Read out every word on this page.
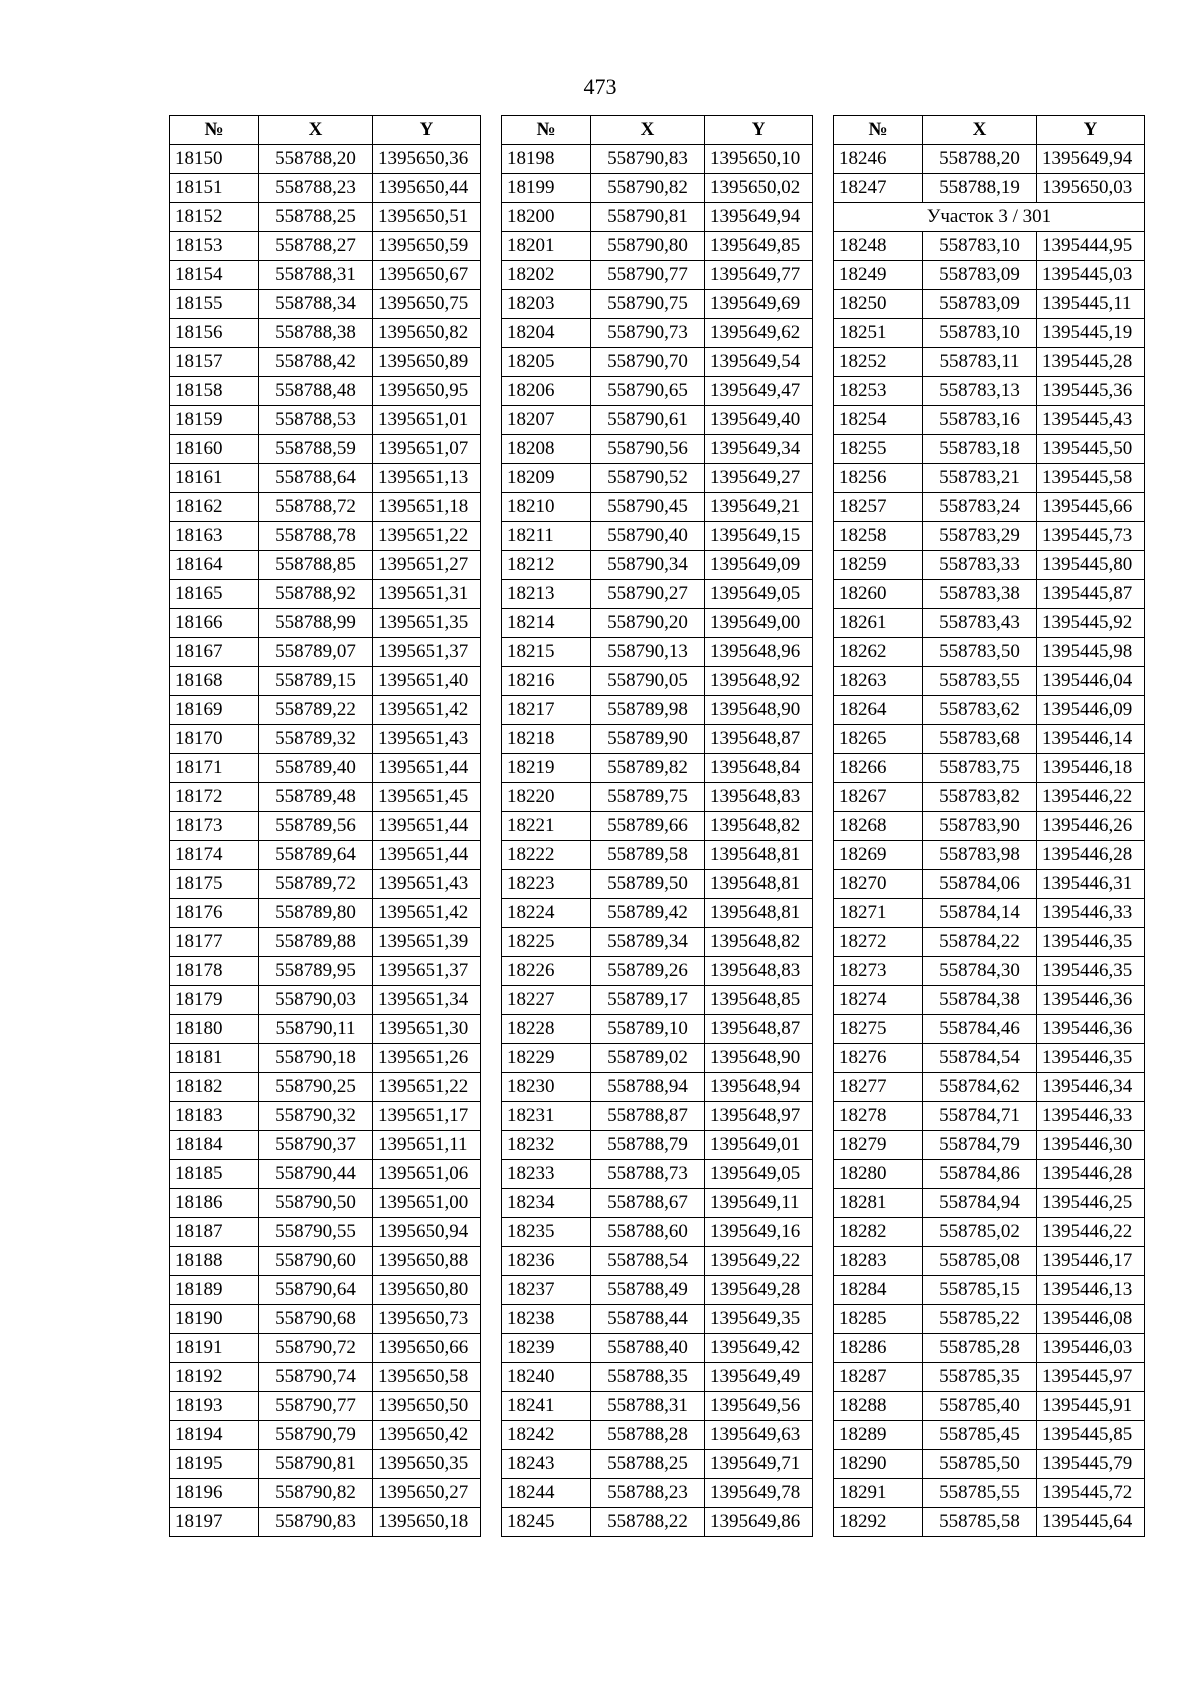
473
№	X	Y
18150	558788,20	1395650,36
18151	558788,23	1395650,44
18152	558788,25	1395650,51
18153	558788,27	1395650,59
18154	558788,31	1395650,67
18155	558788,34	1395650,75
18156	558788,38	1395650,82
18157	558788,42	1395650,89
18158	558788,48	1395650,95
18159	558788,53	1395651,01
18160	558788,59	1395651,07
18161	558788,64	1395651,13
18162	558788,72	1395651,18
18163	558788,78	1395651,22
18164	558788,85	1395651,27
18165	558788,92	1395651,31
18166	558788,99	1395651,35
18167	558789,07	1395651,37
18168	558789,15	1395651,40
18169	558789,22	1395651,42
18170	558789,32	1395651,43
18171	558789,40	1395651,44
18172	558789,48	1395651,45
18173	558789,56	1395651,44
18174	558789,64	1395651,44
18175	558789,72	1395651,43
18176	558789,80	1395651,42
18177	558789,88	1395651,39
18178	558789,95	1395651,37
18179	558790,03	1395651,34
18180	558790,11	1395651,30
18181	558790,18	1395651,26
18182	558790,25	1395651,22
18183	558790,32	1395651,17
18184	558790,37	1395651,11
18185	558790,44	1395651,06
18186	558790,50	1395651,00
18187	558790,55	1395650,94
18188	558790,60	1395650,88
18189	558790,64	1395650,80
18190	558790,68	1395650,73
18191	558790,72	1395650,66
18192	558790,74	1395650,58
18193	558790,77	1395650,50
18194	558790,79	1395650,42
18195	558790,81	1395650,35
18196	558790,82	1395650,27
18197	558790,83	1395650,18
№	X	Y
18198	558790,83	1395650,10
18199	558790,82	1395650,02
18200	558790,81	1395649,94
18201	558790,80	1395649,85
18202	558790,77	1395649,77
18203	558790,75	1395649,69
18204	558790,73	1395649,62
18205	558790,70	1395649,54
18206	558790,65	1395649,47
18207	558790,61	1395649,40
18208	558790,56	1395649,34
18209	558790,52	1395649,27
18210	558790,45	1395649,21
18211	558790,40	1395649,15
18212	558790,34	1395649,09
18213	558790,27	1395649,05
18214	558790,20	1395649,00
18215	558790,13	1395648,96
18216	558790,05	1395648,92
18217	558789,98	1395648,90
18218	558789,90	1395648,87
18219	558789,82	1395648,84
18220	558789,75	1395648,83
18221	558789,66	1395648,82
18222	558789,58	1395648,81
18223	558789,50	1395648,81
18224	558789,42	1395648,81
18225	558789,34	1395648,82
18226	558789,26	1395648,83
18227	558789,17	1395648,85
18228	558789,10	1395648,87
18229	558789,02	1395648,90
18230	558788,94	1395648,94
18231	558788,87	1395648,97
18232	558788,79	1395649,01
18233	558788,73	1395649,05
18234	558788,67	1395649,11
18235	558788,60	1395649,16
18236	558788,54	1395649,22
18237	558788,49	1395649,28
18238	558788,44	1395649,35
18239	558788,40	1395649,42
18240	558788,35	1395649,49
18241	558788,31	1395649,56
18242	558788,28	1395649,63
18243	558788,25	1395649,71
18244	558788,23	1395649,78
18245	558788,22	1395649,86
№	X	Y
18246	558788,20	1395649,94
18247	558788,19	1395650,03
Участок 3 / 301		
18248	558783,10	1395444,95
18249	558783,09	1395445,03
18250	558783,09	1395445,11
18251	558783,10	1395445,19
18252	558783,11	1395445,28
18253	558783,13	1395445,36
18254	558783,16	1395445,43
18255	558783,18	1395445,50
18256	558783,21	1395445,58
18257	558783,24	1395445,66
18258	558783,29	1395445,73
18259	558783,33	1395445,80
18260	558783,38	1395445,87
18261	558783,43	1395445,92
18262	558783,50	1395445,98
18263	558783,55	1395446,04
18264	558783,62	1395446,09
18265	558783,68	1395446,14
18266	558783,75	1395446,18
18267	558783,82	1395446,22
18268	558783,90	1395446,26
18269	558783,98	1395446,28
18270	558784,06	1395446,31
18271	558784,14	1395446,33
18272	558784,22	1395446,35
18273	558784,30	1395446,35
18274	558784,38	1395446,36
18275	558784,46	1395446,36
18276	558784,54	1395446,35
18277	558784,62	1395446,34
18278	558784,71	1395446,33
18279	558784,79	1395446,30
18280	558784,86	1395446,28
18281	558784,94	1395446,25
18282	558785,02	1395446,22
18283	558785,08	1395446,17
18284	558785,15	1395446,13
18285	558785,22	1395446,08
18286	558785,28	1395446,03
18287	558785,35	1395445,97
18288	558785,40	1395445,91
18289	558785,45	1395445,85
18290	558785,50	1395445,79
18291	558785,55	1395445,72
18292	558785,58	1395445,64
